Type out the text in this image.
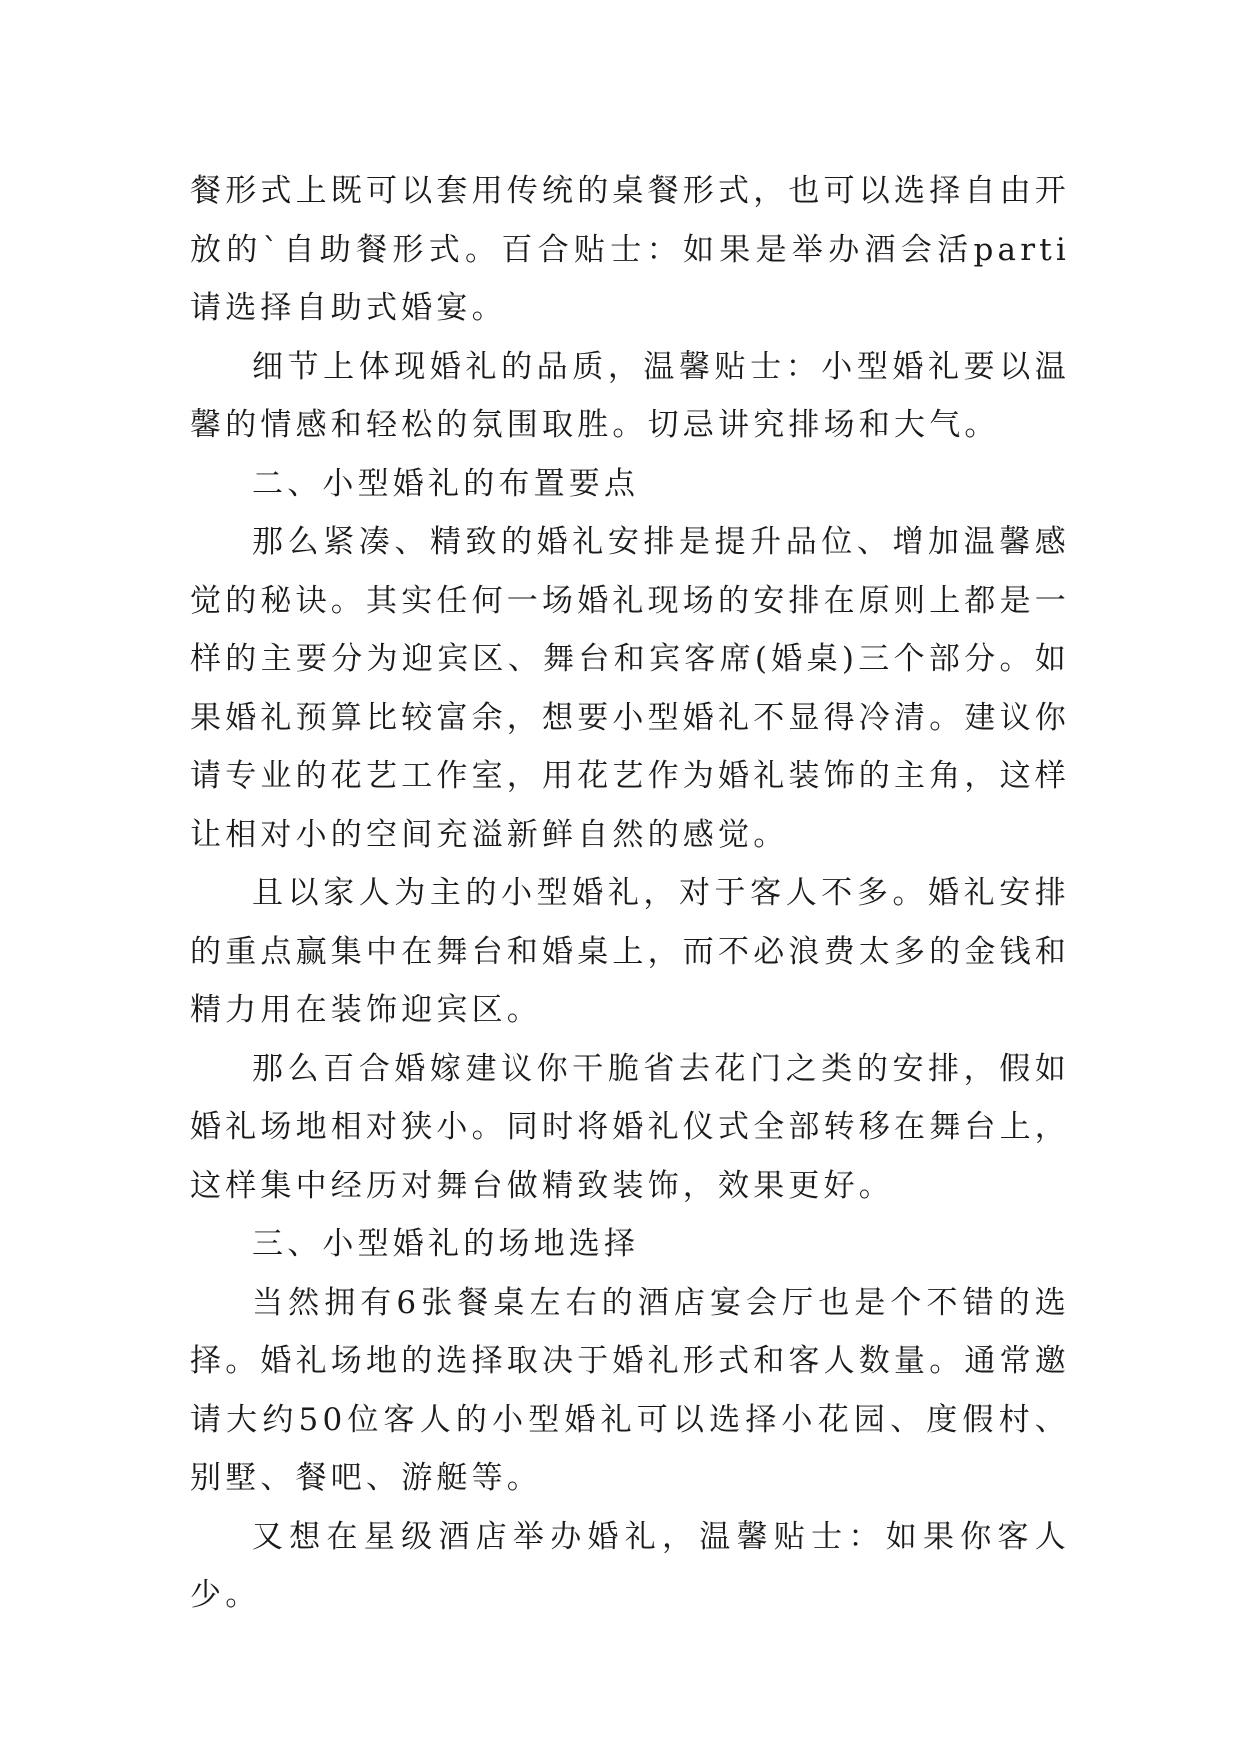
餐形式上既可以套用传统的桌餐形式，也可以选择自由开放的`自助餐形式。百合贴士：如果是举办酒会活parti请选择自助式婚宴。

细节上体现婚礼的品质，温馨贴士：小型婚礼要以温馨的情感和轻松的氛围取胜。切忌讲究排场和大气。

二、小型婚礼的布置要点

那么紧凑、精致的婚礼安排是提升品位、增加温馨感觉的秘诀。其实任何一场婚礼现场的安排在原则上都是一样的主要分为迎宾区、舞台和宾客席(婚桌)三个部分。如果婚礼预算比较富余，想要小型婚礼不显得冷清。建议你请专业的花艺工作室，用花艺作为婚礼装饰的主角，这样让相对小的空间充溢新鲜自然的感觉。

且以家人为主的小型婚礼，对于客人不多。婚礼安排的重点赢集中在舞台和婚桌上，而不必浪费太多的金钱和精力用在装饰迎宾区。

那么百合婚嫁建议你干脆省去花门之类的安排，假如婚礼场地相对狭小。同时将婚礼仪式全部转移在舞台上，这样集中经历对舞台做精致装饰，效果更好。

三、小型婚礼的场地选择

当然拥有6张餐桌左右的酒店宴会厅也是个不错的选择。婚礼场地的选择取决于婚礼形式和客人数量。通常邀请大约50位客人的小型婚礼可以选择小花园、度假村、别墅、餐吧、游艇等。

又想在星级酒店举办婚礼，温馨贴士：如果你客人少。
